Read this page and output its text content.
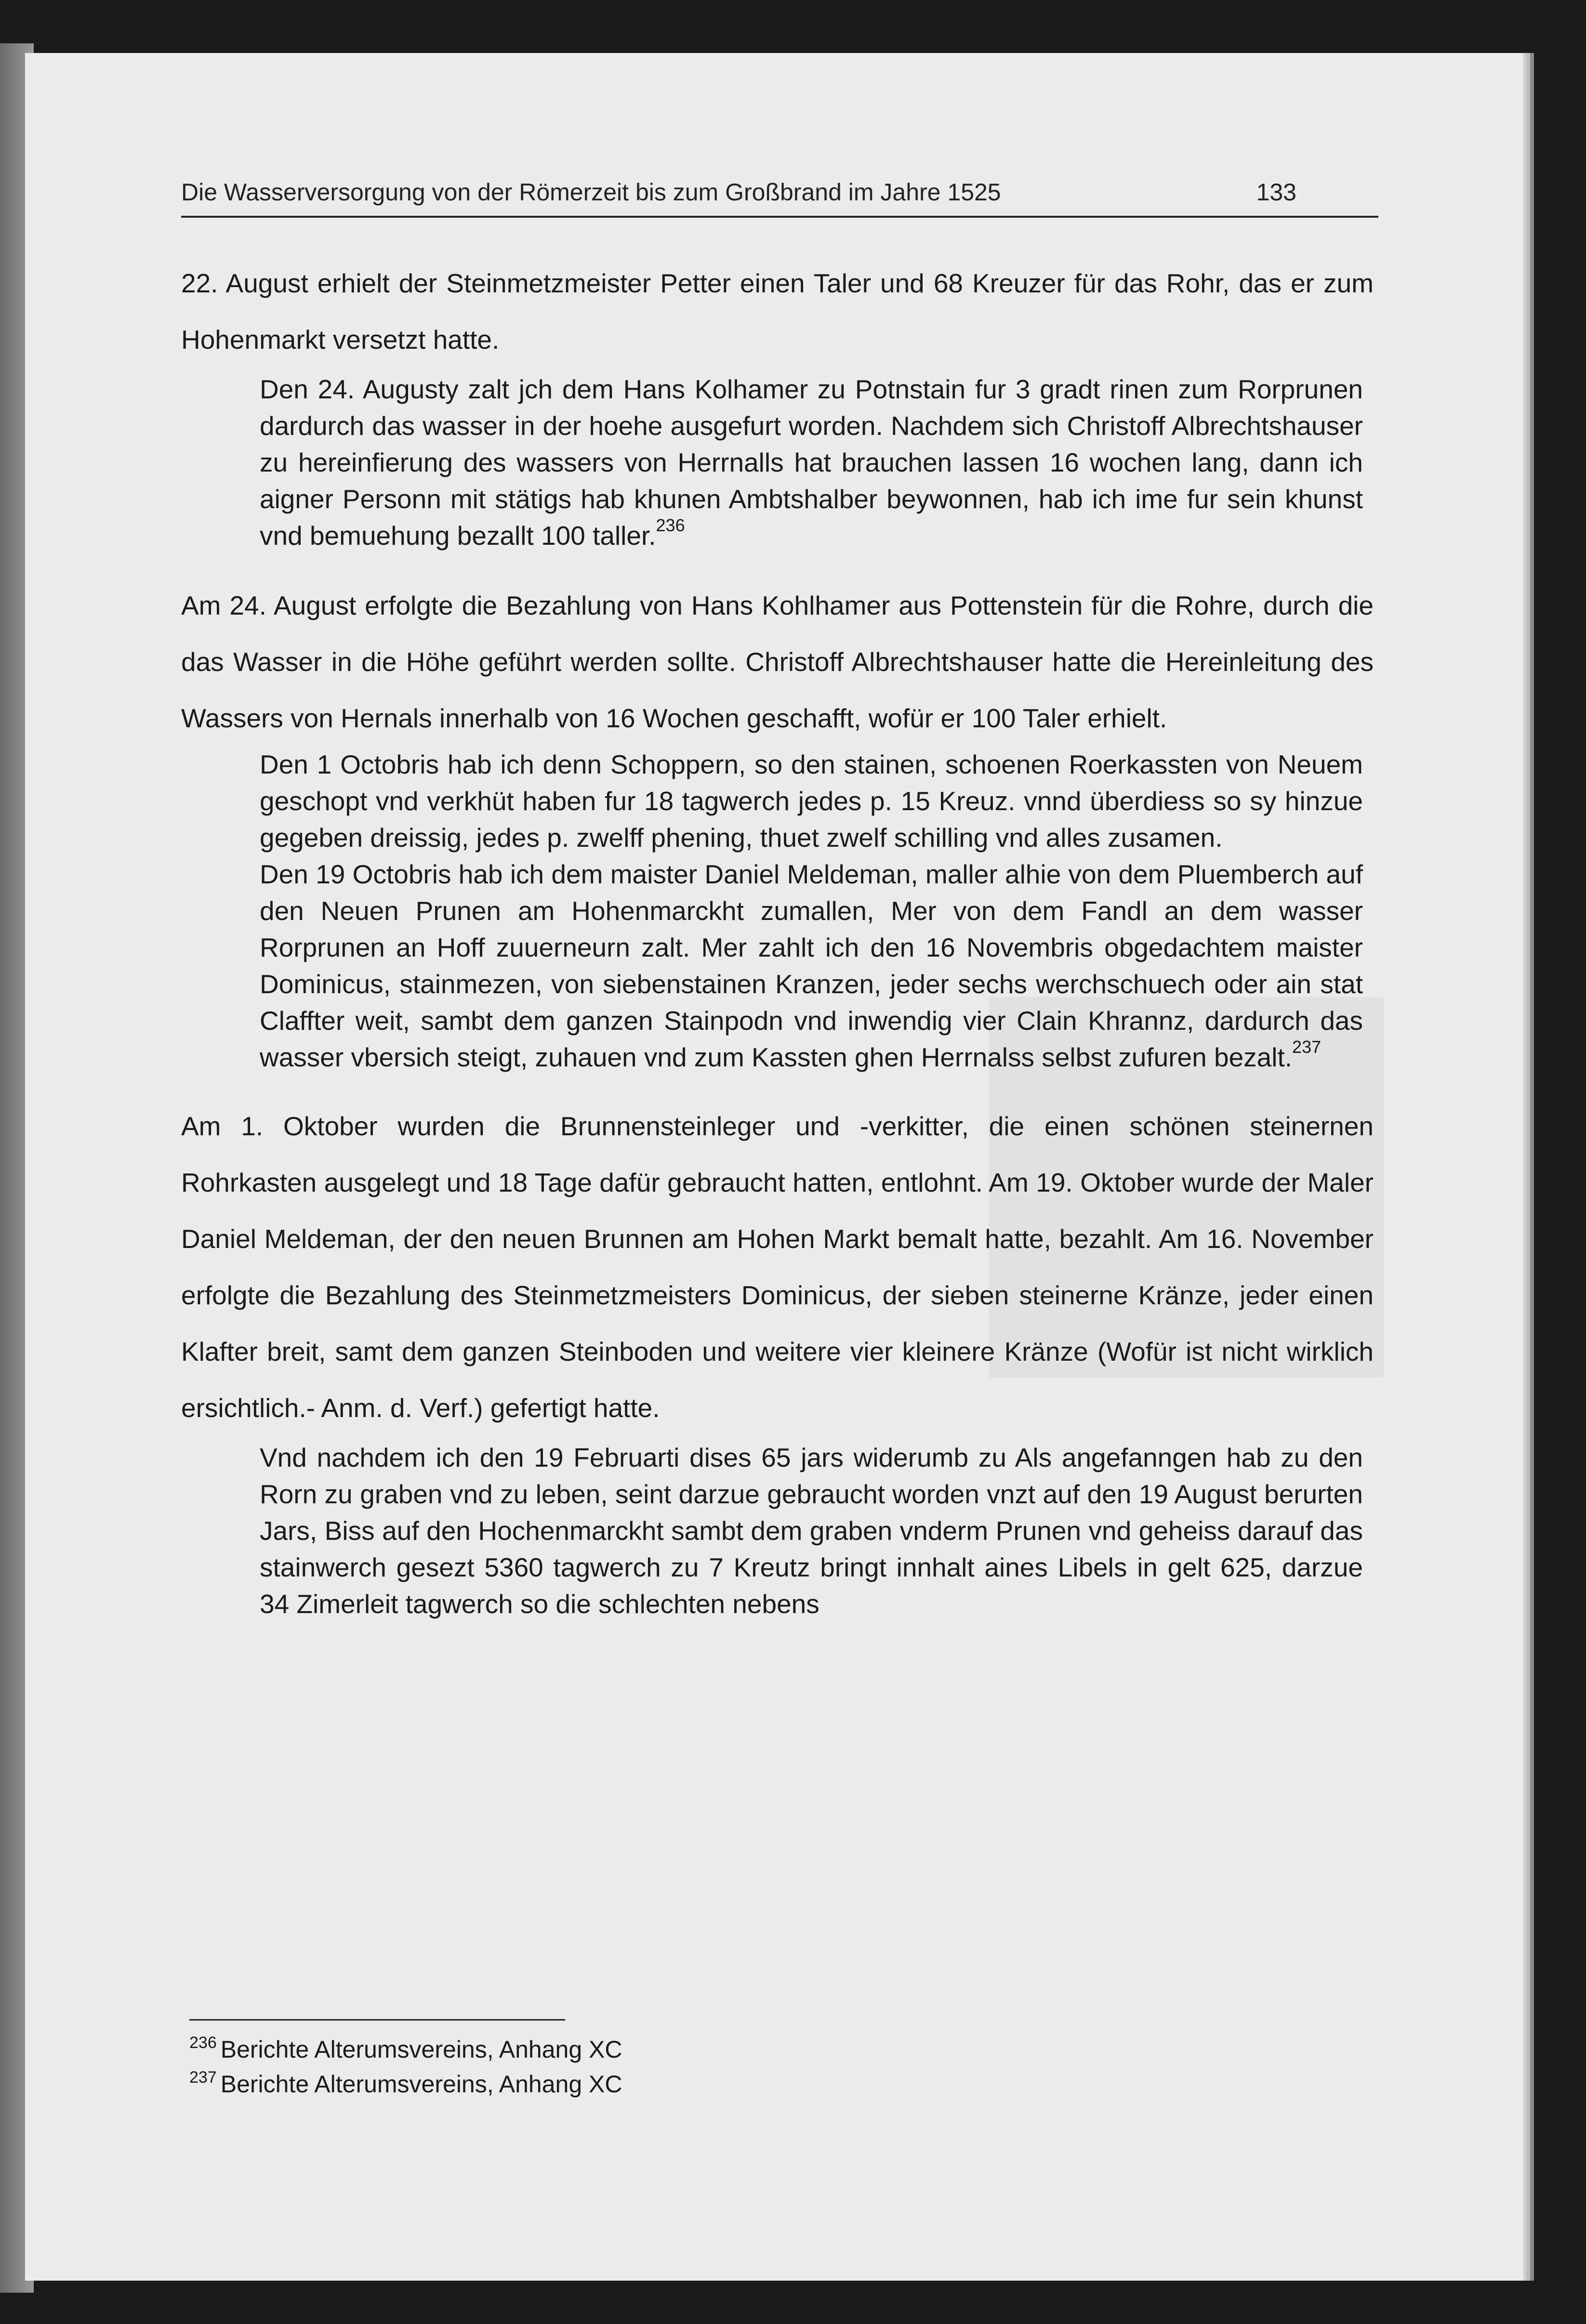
Die Wasserversorgung von der Römerzeit bis zum Großbrand im Jahre 1525	133

22. August erhielt der Steinmetzmeister Petter einen Taler und 68 Kreuzer für das Rohr, das er zum Hohenmarkt versetzt hatte.

Den 24. Augusty zalt jch dem Hans Kolhamer zu Potnstain fur 3 gradt rinen zum Rorprunen dardurch das wasser in der hoehe ausgefurt worden. Nachdem sich Christoff Albrechtshauser zu hereinfierung des wassers von Herrnalls hat brauchen lassen 16 wochen lang, dann ich aigner Personn mit stätigs hab khunen Ambtshalber beywonnen, hab ich ime fur sein khunst vnd bemuehung bezallt 100 taller.$^{236}$

Am 24. August erfolgte die Bezahlung von Hans Kohlhamer aus Pottenstein für die Rohre, durch die das Wasser in die Höhe geführt werden sollte. Christoff Albrechtshauser hatte die Hereinleitung des Wassers von Hernals innerhalb von 16 Wochen geschafft, wofür er 100 Taler erhielt.

Den 1 Octobris hab ich denn Schoppern, so den stainen, schoenen Roerkassten von Neuem geschopt vnd verkhüt haben fur 18 tagwerch jedes p. 15 Kreuz. vnnd überdiess so sy hinzue gegeben dreissig, jedes p. zwelff phening, thuet zwelf schilling vnd alles zusamen.

Den 19 Octobris hab ich dem maister Daniel Meldeman, maller alhie von dem Pluemberch auf den Neuen Prunen am Hohenmarckht zumallen, Mer von dem Fandl an dem wasser Rorprunen an Hoff zuuerneurn zalt. Mer zahlt ich den 16 Novembris obgedachtem maister Dominicus, stainmezen, von siebenstainen Kranzen, jeder sechs werchschuech oder ain stat Claffter weit, sambt dem ganzen Stainpodn vnd inwendig vier Clain Khrannz, dardurch das wasser vbersich steigt, zuhauen vnd zum Kassten ghen Herrnalss selbst zufuren bezalt.$^{237}$

Am 1. Oktober wurden die Brunnensteinleger und -verkitter, die einen schönen steinernen Rohrkasten ausgelegt und 18 Tage dafür gebraucht hatten, entlohnt. Am 19. Oktober wurde der Maler Daniel Meldeman, der den neuen Brunnen am Hohen Markt bemalt hatte, bezahlt. Am 16. November erfolgte die Bezahlung des Steinmetzmeisters Dominicus, der sieben steinerne Kränze, jeder einen Klafter breit, samt dem ganzen Steinboden und weitere vier kleinere Kränze (Wofür ist nicht wirklich ersichtlich.- Anm. d. Verf.) gefertigt hatte.

Vnd nachdem ich den 19 Februarti dises 65 jars widerumb zu Als angefanngen hab zu den Rorn zu graben vnd zu leben, seint darzue gebraucht worden vnzt auf den 19 August berurten Jars, Biss auf den Hochenmarckht sambt dem graben vnderm Prunen vnd geheiss darauf das stainwerch gesezt 5360 tagwerch zu 7 Kreutz bringt innhalt aines Libels in gelt 625, darzue 34 Zimerleit tagwerch so die schlechten nebens

$^{236}$ Berichte Alterumsvereins, Anhang XC
$^{237}$ Berichte Alterumsvereins, Anhang XC
